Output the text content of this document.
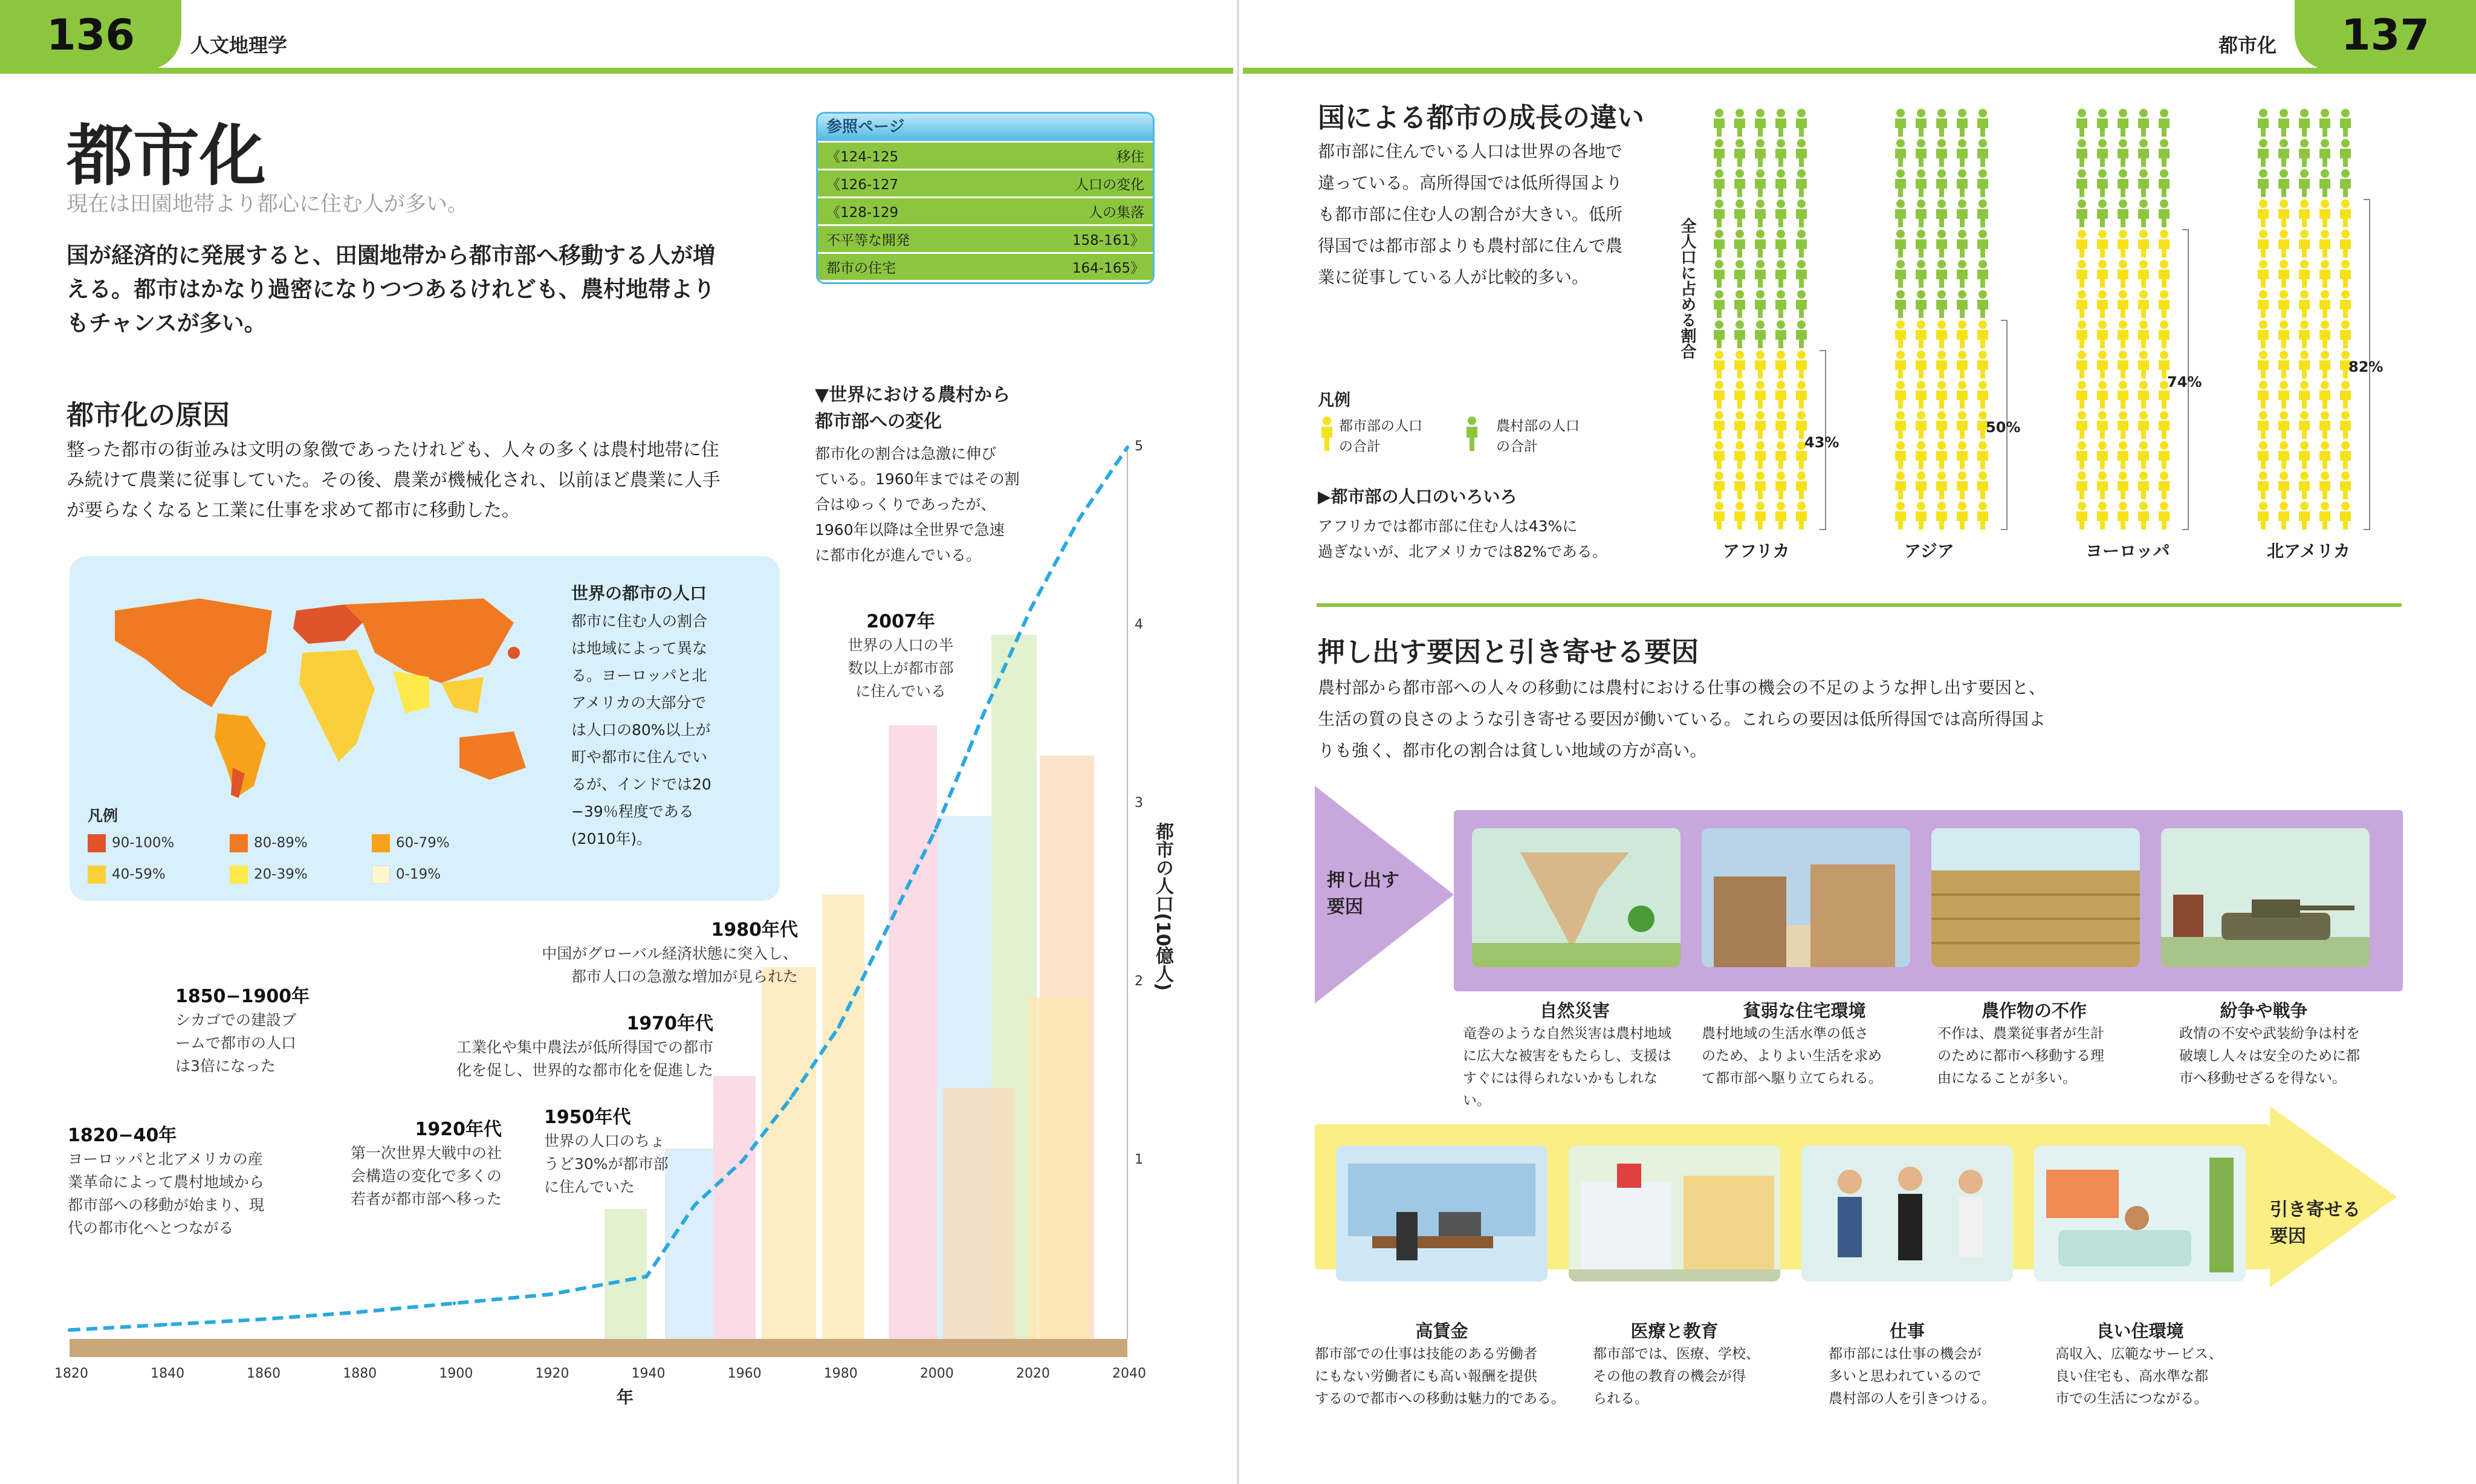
136	人文地理学	137
都市化
都市化
現在は田園地帯より都心に住む人が多い。
国が経済的に発展すると、田園地帯から都市部へ移動する人が増
える。都市はかなり過密になりつつあるけれども、農村地帯より
もチャンスが多い。
参照ページ
《124-125	移住
《126-127	人口の変化
《128-129	人の集落
不平等な開発	158-161》
都市の住宅	164-165》
都市化の原因
整った都市の街並みは文明の象徴であったけれども、人々の多くは農村地帯に住
み続けて農業に従事していた。その後、農業が機械化され、以前ほど農業に人手
が要らなくなると工業に仕事を求めて都市に移動した。
世界の都市の人口
都市に住む人の割合
は地域によって異な
る。ヨーロッパと北
アメリカの大部分で
は人口の80%以上が
町や都市に住んでい
るが、インドでは20
−39％程度である
(2010年)。
凡例
90-100%	80-89%	60-79%
40-59%	20-39%	0-19%
▼世界における農村から
都市部への変化
都市化の割合は急激に伸び
ている。1960年まではその割
合はゆっくりであったが、
1960年以降は全世界で急速
に都市化が進んでいる。
1820	1840	1860	1880	1900	1920	1940	1960	1980	2000	2020	2040
1
2
3
4
5
年
都市の人口(10億人)
2007年
世界の人口の半
数以上が都市部
に住んでいる
1980年代
中国がグローバル経済状態に突入し、
都市人口の急激な増加が見られた
1970年代
工業化や集中農法が低所得国での都市
化を促し、世界的な都市化を促進した
1950年代
世界の人口のちょ
うど30%が都市部
に住んでいた
1920年代
第一次世界大戦中の社
会構造の変化で多くの
若者が都市部へ移った
1850−1900年
シカゴでの建設ブ
ームで都市の人口
は3倍になった
1820−40年
ヨーロッパと北アメリカの産
業革命によって農村地域から
都市部への移動が始まり、現
代の都市化へとつながる
国による都市の成長の違い
都市部に住んでいる人口は世界の各地で
違っている。高所得国では低所得国より
も都市部に住む人の割合が大きい。低所
得国では都市部よりも農村部に住んで農
業に従事している人が比較的多い。
凡例
都市部の人口
の合計
農村部の人口
の合計
▶都市部の人口のいろいろ
アフリカでは都市部に住む人は43%に
過ぎないが、北アメリカでは82%である。
全人口に占める割合
43%
アフリカ
50%
アジア
74%
ヨーロッパ
82%
北アメリカ
押し出す要因と引き寄せる要因
農村部から都市部への人々の移動には農村における仕事の機会の不足のような押し出す要因と、
生活の質の良さのような引き寄せる要因が働いている。これらの要因は低所得国では高所得国よ
りも強く、都市化の割合は貧しい地域の方が高い。
押し出す
要因
自然災害
竜巻のような自然災害は農村地域
に広大な被害をもたらし、支援は
すぐには得られないかもしれない。
貧弱な住宅環境
農村地域の生活水準の低さ
のため、よりよい生活を求め
て都市部へ駆り立てられる。
農作物の不作
不作は、農業従事者が生計
のために都市へ移動する理
由になることが多い。
紛争や戦争
政情の不安や武装紛争は村を
破壊し人々は安全のために都
市へ移動せざるを得ない。
引き寄せる
要因
高賃金
都市部での仕事は技能のある労働者
にもない労働者にも高い報酬を提供
するので都市への移動は魅力的である。
医療と教育
都市部では、医療、学校、
その他の教育の機会が得
られる。
仕事
都市部には仕事の機会が
多いと思われているので
農村部の人を引きつける。
良い住環境
高収入、広範なサービス、
良い住宅も、高水準な都
市での生活につながる。
